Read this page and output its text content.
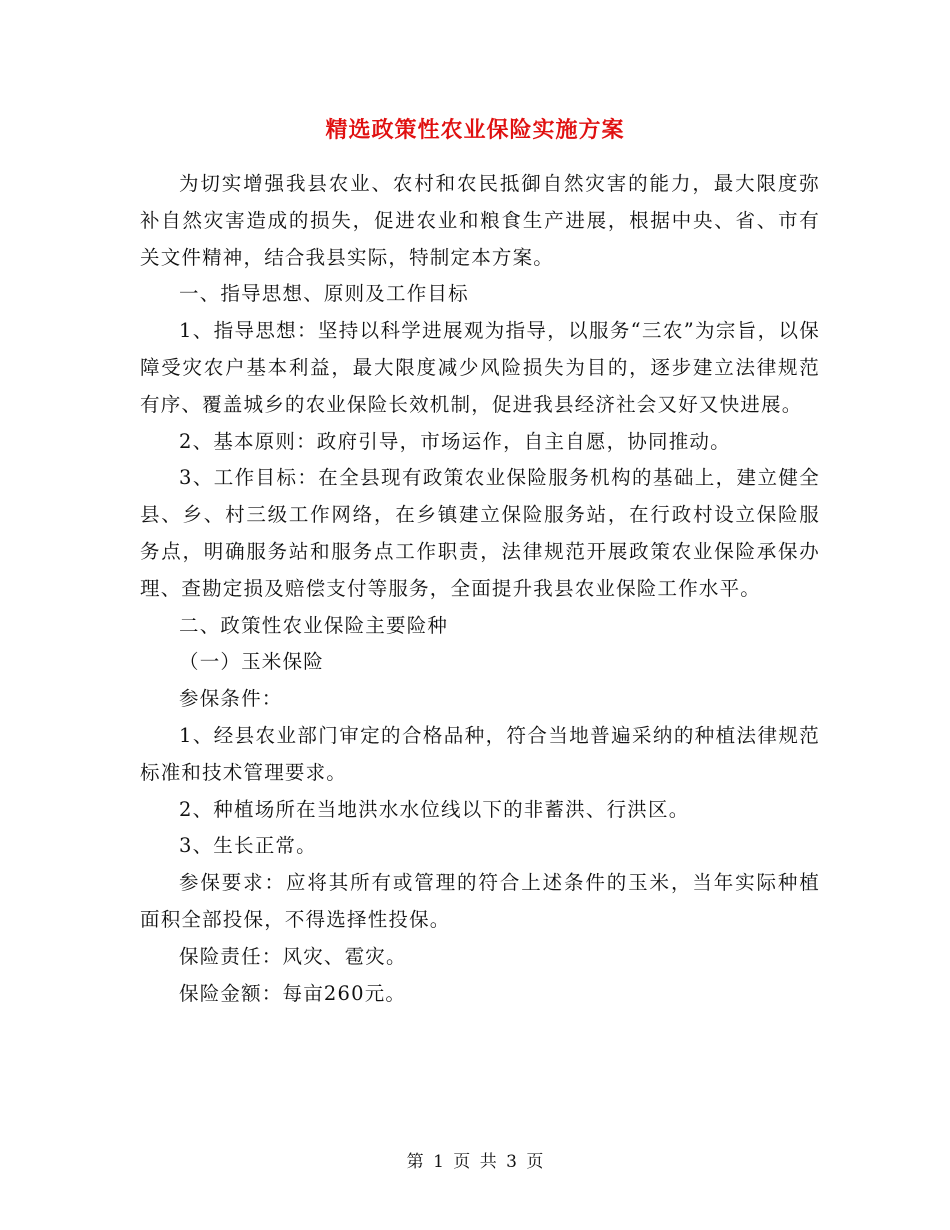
精选政策性农业保险实施方案

为切实增强我县农业、农村和农民抵御自然灾害的能力，最大限度弥补自然灾害造成的损失，促进农业和粮食生产进展，根据中央、省、市有关文件精神，结合我县实际，特制定本方案。

一、指导思想、原则及工作目标

1、指导思想：坚持以科学进展观为指导，以服务“三农”为宗旨，以保障受灾农户基本利益，最大限度减少风险损失为目的，逐步建立法律规范有序、覆盖城乡的农业保险长效机制，促进我县经济社会又好又快进展。

2、基本原则：政府引导，市场运作，自主自愿，协同推动。

3、工作目标：在全县现有政策农业保险服务机构的基础上，建立健全县、乡、村三级工作网络，在乡镇建立保险服务站，在行政村设立保险服务点，明确服务站和服务点工作职责，法律规范开展政策农业保险承保办理、查勘定损及赔偿支付等服务，全面提升我县农业保险工作水平。

二、政策性农业保险主要险种

（一）玉米保险

参保条件：

1、经县农业部门审定的合格品种，符合当地普遍采纳的种植法律规范标准和技术管理要求。

2、种植场所在当地洪水水位线以下的非蓄洪、行洪区。

3、生长正常。

参保要求：应将其所有或管理的符合上述条件的玉米，当年实际种植面积全部投保，不得选择性投保。

保险责任：风灾、雹灾。

保险金额：每亩260元。

第 1 页 共 3 页
